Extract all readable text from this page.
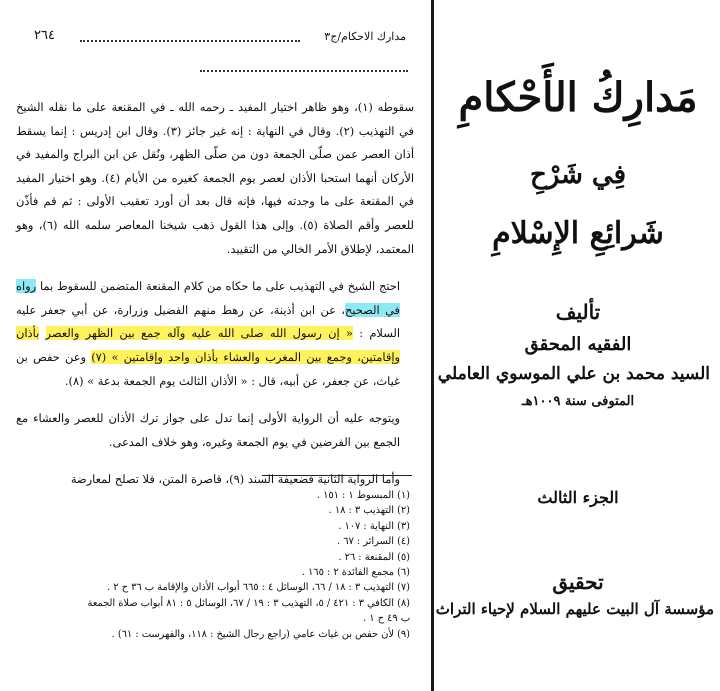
مدارك الاحكام/ج٣
٢٦٤

سقوطه (١)، وهو ظاهر اختيار المفيد ـ رحمه الله ـ في المقنعة على ما نقله الشيخ في التهذيب (٢). وقال في النهاية : إنه غير جائز (٣). وقال ابن إدريس : إنما يسقط أذان العصر عمن صلّى الجمعة دون من صلّى الظهر، ونُقل عن ابن البراج والمفيد في الأركان أنهما استحبا الأذان لعصر يوم الجمعة كغيره من الأيام (٤). وهو اختيار المفيد في المقنعة على ما وجدته فيها، فإنه قال بعد أن أورد تعقيب الأولى : ثم قم فأذّن للعصر وأقم الصلاة (٥). وإلى هذا القول ذهب شيخنا المعاصر سلمه الله (٦)، وهو المعتمد، لإطلاق الأمر الخالي من التقييد.

احتج الشيخ في التهذيب على ما حكاه من كلام المقنعة المتضمن للسقوط بما رواه في الصحيح، عن ابن أذينة، عن رهط منهم الفضيل وزرارة، عن أبي جعفر عليه السلام : « إن رسول الله صلى الله عليه وآله جمع بين الظهر والعصر بأذان وإقامتين، وجمع بين المغرب والعشاء بأذان واحد وإقامتين » (٧) وعن حفص بن غياث، عن جعفر، عن أبيه، قال : « الأذان الثالث يوم الجمعة بدعة » (٨).

ويتوجه عليه أن الرواية الأولى إنما تدل على جواز ترك الأذان للعصر والعشاء مع الجمع بين الفرضين في يوم الجمعة وغيره، وهو خلاف المدعى.

وأما الرواية الثانية فضعيفة السند (٩)، قاصرة المتن، فلا تصلح لمعارضة

(١) المبسوط ١ : ١٥١ .
(٢) التهذيب ٣ : ١٨ .
(٣) النهاية : ١٠٧ .
(٤) السرائر : ٦٧ .
(٥) المقنعة : ٢٦ .
(٦) مجمع الفائدة ٢ : ١٦٥ .
(٧) التهذيب ٣ : ١٨ / ٦٦، الوسائل ٤ : ٦٦٥ أبواب الأذان والإقامة ب ٣٦ ح ٢ .
(٨) الكافي ٣ : ٤٢١ / ٥، التهذيب ٣ : ١٩ / ٦٧، الوسائل ٥ : ٨١ أبواب صلاة الجمعة
ب ٤٩ ح ١ .
(٩) لأن حفص بن غياث عامي (راجع رجال الشيخ : ١١٨، والفهرست : ٦١) .
مَدارِكُ الأَحْكامِ
فِي شَرْحِ
شَرائِعِ الإِسْلامِ
تأليف
الفقيه المحقق
السيد محمد بن علي الموسوي العاملي
المتوفى سنة ١٠٠٩هـ
الجزء الثالث
تحقيق
مؤسسة آل البيت عليهم السلام لإحياء التراث
